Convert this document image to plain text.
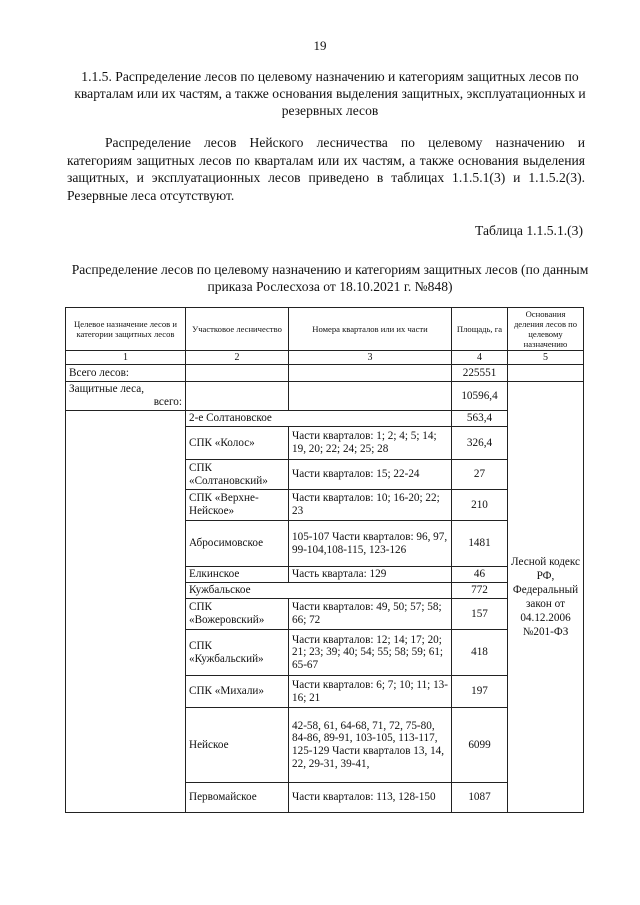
19
1.1.5. Распределение лесов по целевому назначению и категориям защитных лесов по кварталам или их частям, а также основания выделения защитных, эксплуатационных и резервных лесов
Распределение лесов Нейского лесничества по целевому назначению и категориям защитных лесов по кварталам или их частям, а также основания выделения защитных, и эксплуатационных лесов приведено в таблицах 1.1.5.1(3) и 1.1.5.2(3). Резервные леса отсутствуют.
Таблица 1.1.5.1.(3)
Распределение лесов по целевому назначению и категориям защитных лесов (по данным приказа Рослесхоза от 18.10.2021 г. №848)
Целевое назначение лесов и категории защитных лесов	Участковое лесничество	Номера кварталов или их части	Площадь, га	Основания деления лесов по целевому назначению
1	2	3	4	5
Всего лесов:			225551	

Защитные леса,
всего:			10596,4	Лесной кодекс РФ, Федеральный закон от 04.12.2006 №201-ФЗ
	2-е Солтановское		563,4	
	СПК «Колос»	Части кварталов: 1; 2; 4; 5; 14; 19, 20; 22; 24; 25; 28	326,4	
	СПК «Солтановский»	Части кварталов: 15; 22-24	27	
	СПК «Верхне-Нейское»	Части кварталов: 10; 16-20; 22; 23	210	
	Абросимовское	105-107 Части кварталов: 96, 97, 99-104,108-115, 123-126	1481	
	Елкинское	Часть квартала: 129	46	
	Кужбальское		772	
	СПК «Вожеровский»	Части кварталов: 49, 50; 57; 58; 66; 72	157	
	СПК «Кужбальский»	Части кварталов: 12; 14; 17; 20; 21; 23; 39; 40; 54; 55; 58; 59; 61; 65-67	418	
	СПК «Михали»	Части кварталов: 6; 7; 10; 11; 13-16; 21	197	
	Нейское	42-58, 61, 64-68, 71, 72, 75-80, 84-86, 89-91, 103-105, 113-117, 125-129 Части кварталов 13, 14, 22, 29-31, 39-41,	6099	
	Первомайское	Части кварталов: 113, 128-150	1087	
